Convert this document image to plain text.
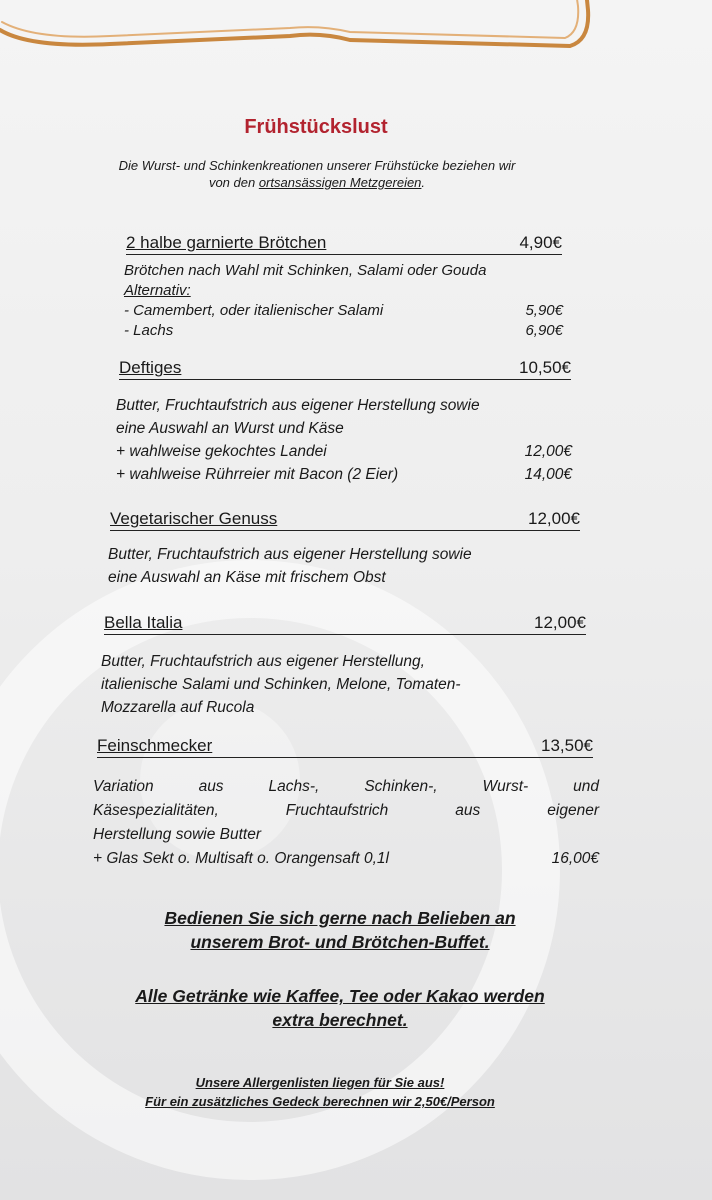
Frühstückslust
Die Wurst- und Schinkenkreationen unserer Frühstücke beziehen wir
von den ortsansässigen Metzgereien.
2 halbe garnierte Brötchen	4,90€
Brötchen nach Wahl mit Schinken, Salami oder Gouda
Alternativ:
- Camembert, oder italienischer Salami	5,90€
- Lachs	6,90€
Deftiges	10,50€
Butter, Fruchtaufstrich aus eigener Herstellung sowie
eine Auswahl an Wurst und Käse
+ wahlweise gekochtes Landei	12,00€
+ wahlweise Rührreier mit Bacon (2 Eier)	14,00€
Vegetarischer Genuss	12,00€
Butter, Fruchtaufstrich aus eigener Herstellung sowie
eine Auswahl an Käse mit frischem Obst
Bella Italia	12,00€
Butter, Fruchtaufstrich aus eigener Herstellung,
italienische Salami und Schinken, Melone, Tomaten-
Mozzarella auf Rucola
Feinschmecker	13,50€
Variation aus Lachs-, Schinken-, Wurst- und
Käsespezialitäten, Fruchtaufstrich aus eigener
Herstellung sowie Butter
+ Glas Sekt o. Multisaft o. Orangensaft 0,1l	16,00€
Bedienen Sie sich gerne nach Belieben an
unserem Brot- und Brötchen-Buffet.
Alle Getränke wie Kaffee, Tee oder Kakao werden
extra berechnet.
Unsere Allergenlisten liegen für Sie aus!
Für ein zusätzliches Gedeck berechnen wir 2,50€/Person
